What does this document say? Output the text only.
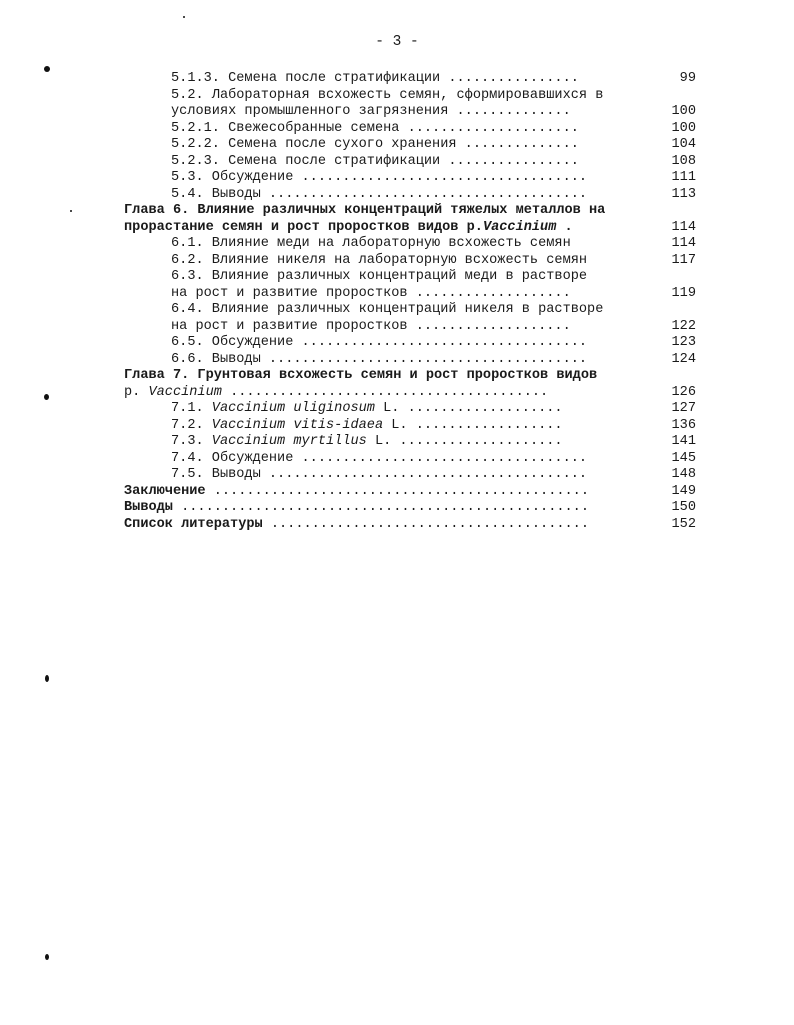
- 3 -
5.1.3. Семена после стратификации ................	99
5.2. Лабораторная всхожесть семян, сформировавшихся в
условиях промышленного загрязнения ..............	100
5.2.1. Свежесобранные семена .....................	100
5.2.2. Семена после сухого хранения ..............	104
5.2.3. Семена после стратификации ................	108
5.3. Обсуждение ...................................	111
5.4. Выводы .......................................	113
Глава 6. Влияние различных концентраций тяжелых металлов на
прорастание семян и рост проростков видов р.Vaccinium .	114
6.1. Влияние меди на лабораторную всхожесть семян	114
6.2. Влияние никеля на лабораторную всхожесть семян	117
6.3. Влияние различных концентраций меди в растворе
на рост и развитие проростков ...................	119
6.4. Влияние различных концентраций никеля в растворе
на рост и развитие проростков ...................	122
6.5. Обсуждение ...................................	123
6.6. Выводы .......................................	124
Глава 7. Грунтовая всхожесть семян и рост проростков видов
р. Vaccinium .......................................	126
7.1. Vaccinium uliginosum L. ...................	127
7.2. Vaccinium vitis-idaea L. ..................	136
7.3. Vaccinium myrtillus L. ....................	141
7.4. Обсуждение ...................................	145
7.5. Выводы .......................................	148
Заключение ..............................................	149
Выводы ..................................................	150
Список литературы .......................................	152
